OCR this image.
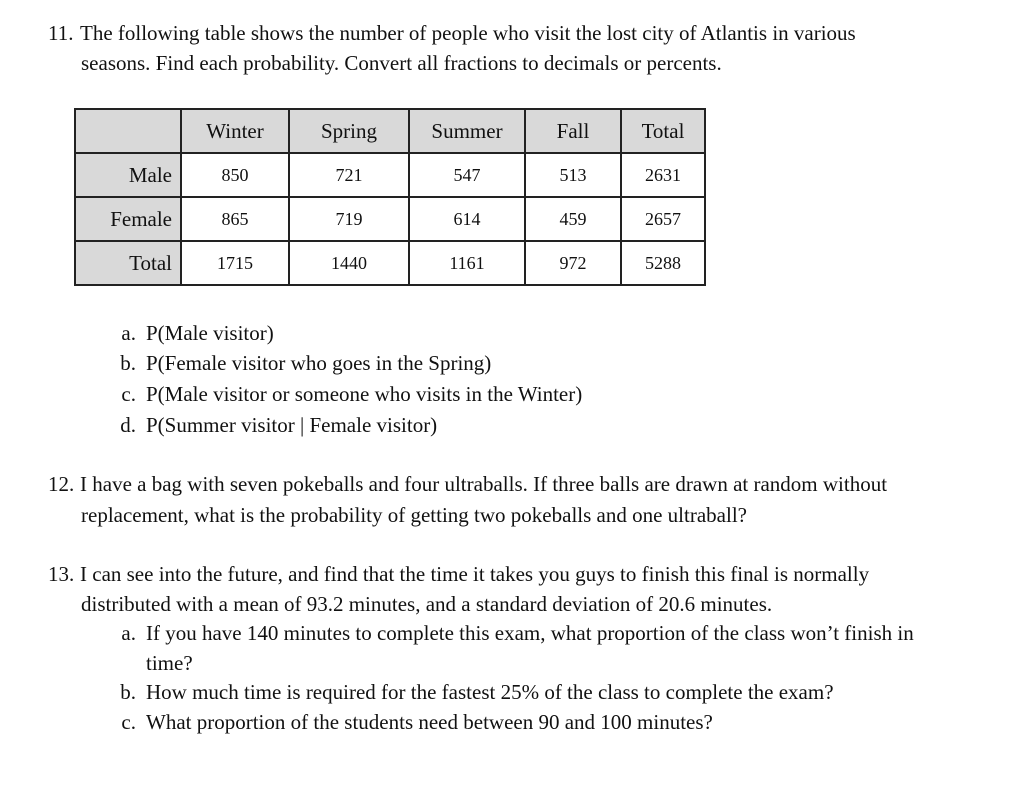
11. The following table shows the number of people who visit the lost city of Atlantis in various
seasons. Find each probability. Convert all fractions to decimals or percents.
	Winter	Spring	Summer	Fall	Total
Male	850	721	547	513	2631
Female	865	719	614	459	2657
Total	1715	1440	1161	972	5288
a. P(Male visitor)
b. P(Female visitor who goes in the Spring)
c. P(Male visitor or someone who visits in the Winter)
d. P(Summer visitor | Female visitor)
12. I have a bag with seven pokeballs and four ultraballs. If three balls are drawn at random without
replacement, what is the probability of getting two pokeballs and one ultraball?
13. I can see into the future, and find that the time it takes you guys to finish this final is normally
distributed with a mean of 93.2 minutes, and a standard deviation of 20.6 minutes.
a. If you have 140 minutes to complete this exam, what proportion of the class won’t finish in
time?
b. How much time is required for the fastest 25% of the class to complete the exam?
c. What proportion of the students need between 90 and 100 minutes?
